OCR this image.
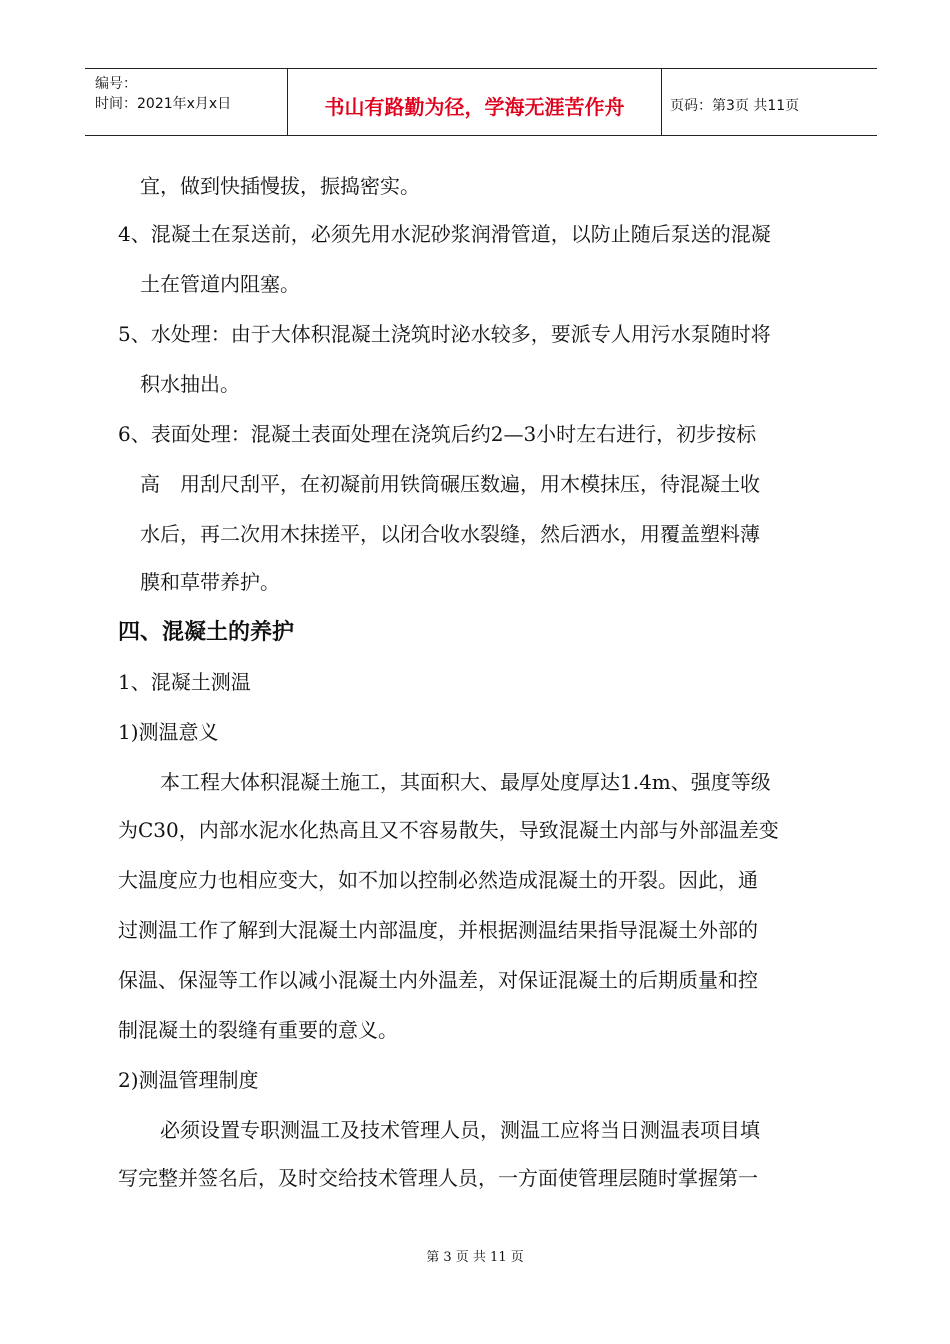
编号：
时间：2021年x月x日	书山有路勤为径，学海无涯苦作舟	页码：第3页 共11页
宜，做到快插慢拔，振捣密实。
4、混凝土在泵送前，必须先用水泥砂浆润滑管道，以防止随后泵送的混凝
土在管道内阻塞。
5、水处理：由于大体积混凝土浇筑时泌水较多，要派专人用污水泵随时将
积水抽出。
6、表面处理：混凝土表面处理在浇筑后约2—3小时左右进行，初步按标
高　用刮尺刮平，在初凝前用铁筒碾压数遍，用木模抹压，待混凝土收
水后，再二次用木抹搓平，以闭合收水裂缝，然后洒水，用覆盖塑料薄
膜和草带养护。
四、混凝土的养护
1、混凝土测温
1)测温意义
本工程大体积混凝土施工，其面积大、最厚处度厚达1.4m、强度等级
为C30，内部水泥水化热高且又不容易散失，导致混凝土内部与外部温差变
大温度应力也相应变大，如不加以控制必然造成混凝土的开裂。因此，通
过测温工作了解到大混凝土内部温度，并根据测温结果指导混凝土外部的
保温、保湿等工作以减小混凝土内外温差，对保证混凝土的后期质量和控
制混凝土的裂缝有重要的意义。
2)测温管理制度
必须设置专职测温工及技术管理人员，测温工应将当日测温表项目填
写完整并签名后，及时交给技术管理人员，一方面使管理层随时掌握第一
第 3 页 共 11 页
